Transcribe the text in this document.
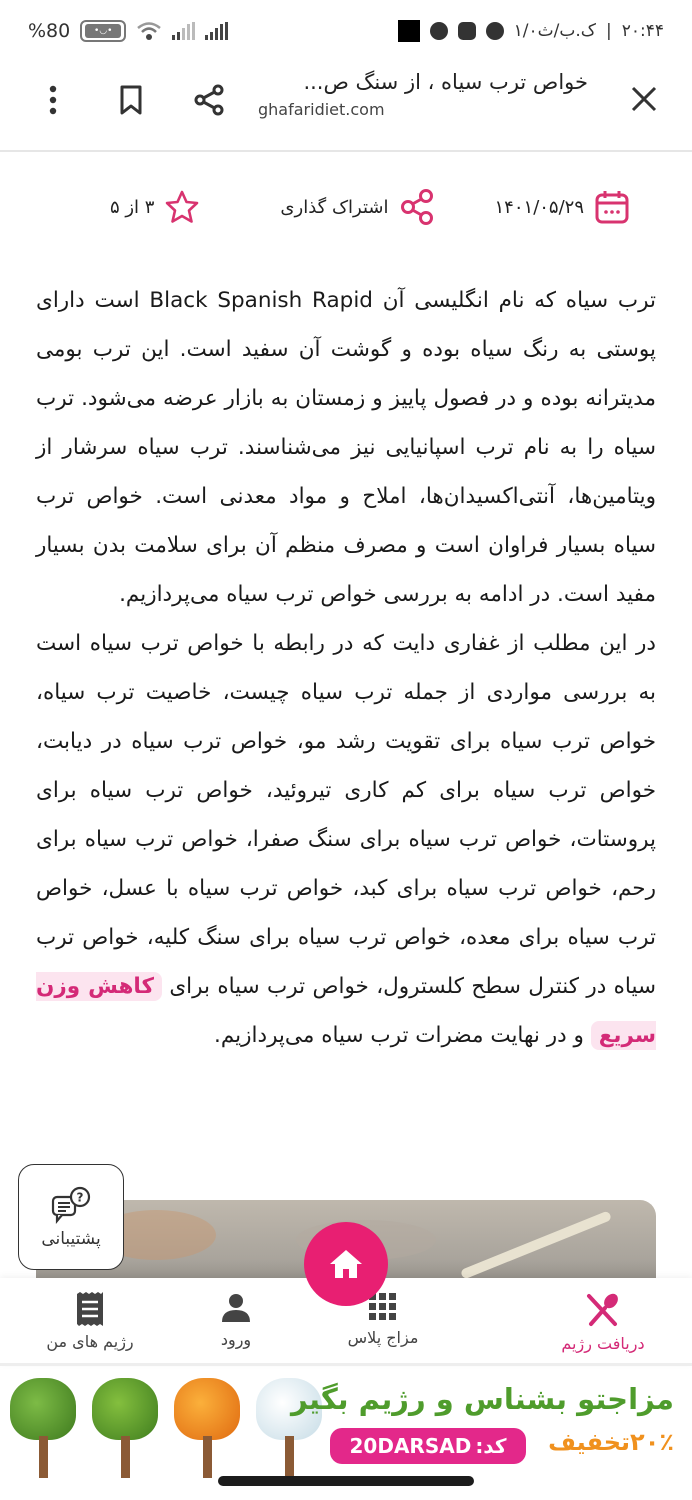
%80	•◡•	۱/۰ک.ب/ث | ۲۰:۴۴
خواص ترب سیاه ، از سنگ ص...
ghafaridiet.com
۱۴۰۱/۰۵/۲۹
اشتراک گذاری
۳ از ۵

ترب سیاه که نام انگلیسی آن Black Spanish Rapid است دارای پوستی به رنگ سیاه بوده و گوشت آن سفید است. این ترب بومی مدیترانه بوده و در فصول پاییز و زمستان به بازار عرضه می‌شود. ترب سیاه را به نام ترب اسپانیایی نیز می‌شناسند. ترب سیاه سرشار از ویتامین‌ها، آنتی‌اکسیدان‌ها، املاح و مواد معدنی است. خواص ترب سیاه بسیار فراوان است و مصرف منظم آن برای سلامت بدن بسیار مفید است. در ادامه به بررسی خواص ترب سیاه می‌پردازیم.

در این مطلب از غفاری دایت که در رابطه با خواص ترب سیاه است به بررسی مواردی از جمله ترب سیاه چیست، خاصیت ترب سیاه، خواص ترب سیاه برای تقویت رشد مو، خواص ترب سیاه در دیابت، خواص ترب سیاه برای کم کاری تیروئید، خواص ترب سیاه برای پروستات، خواص ترب سیاه برای سنگ صفرا، خواص ترب سیاه برای رحم، خواص ترب سیاه برای کبد، خواص ترب سیاه با عسل، خواص ترب سیاه برای معده، خواص ترب سیاه برای سنگ کلیه، خواص ترب سیاه در کنترل سطح کلسترول، خواص ترب سیاه برای کاهش وزن سریع و در نهایت مضرات ترب سیاه می‌پردازیم.

?
پشتیبانی
دریافت رژیم
مزاج پلاس
ورود
رژیم های من
مزاجتو بشناس و رژیم بگیر
۲۰٪تخفیف
کد:
20DARSAD
